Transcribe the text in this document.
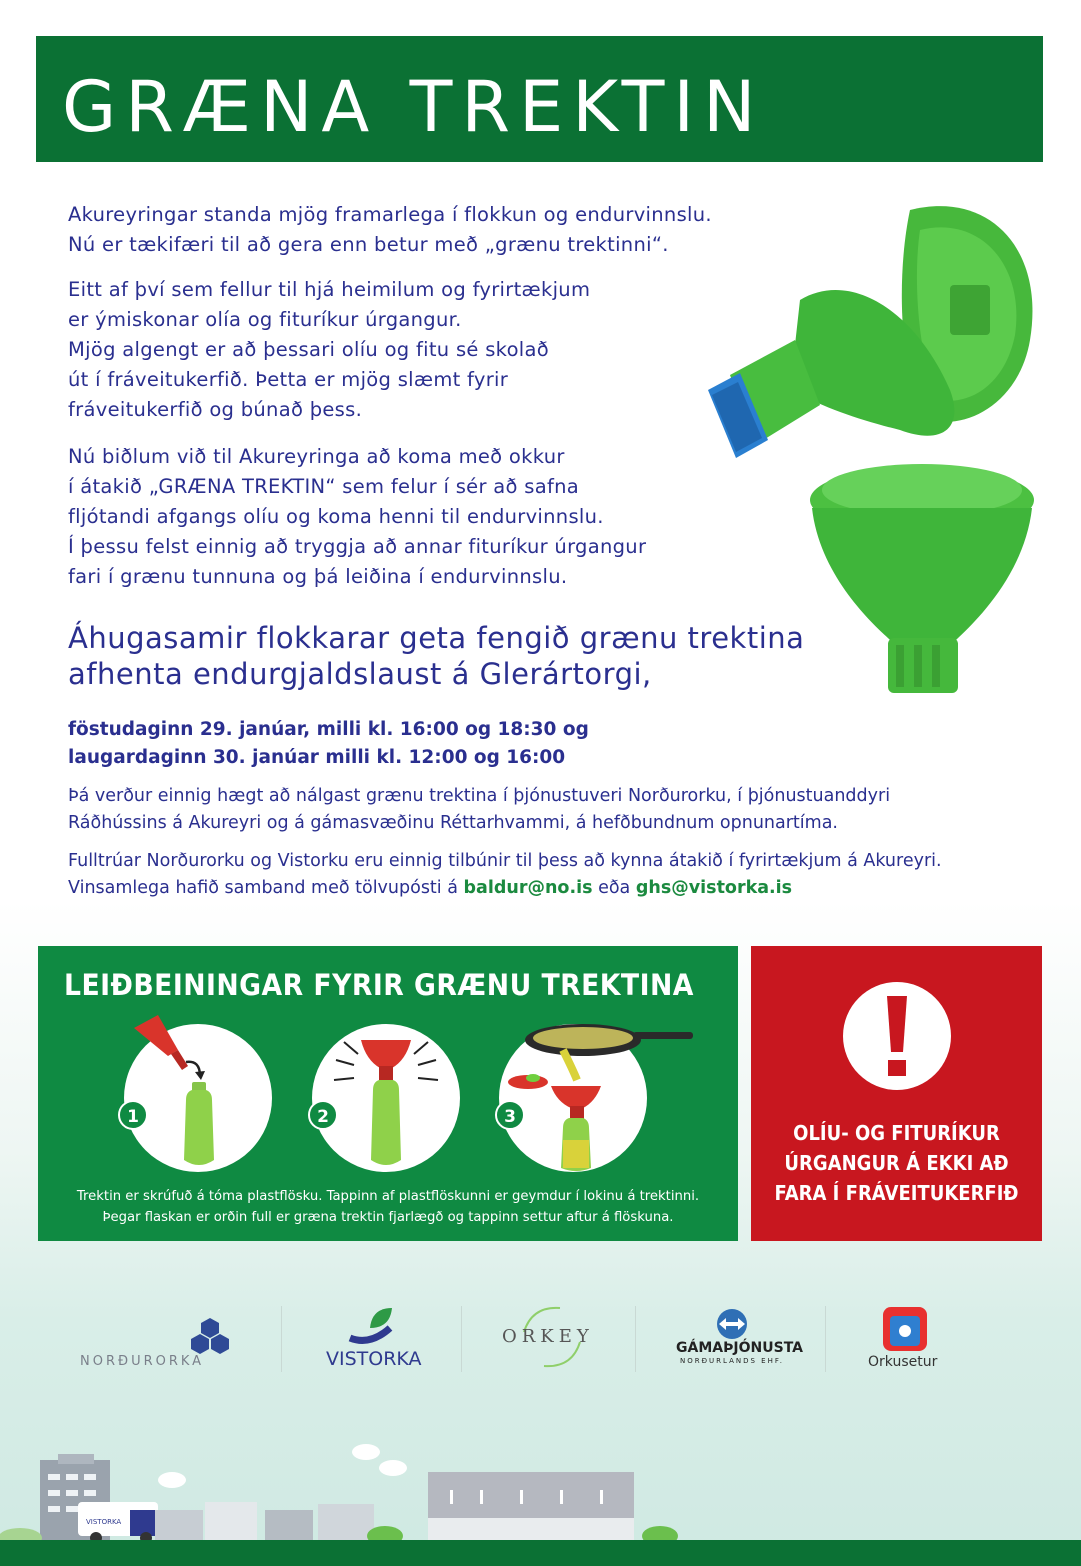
GRÆNA TREKTIN
Akureyringar standa mjög framarlega í flokkun og endurvinnslu.
Nú er tækifæri til að gera enn betur með „grænu trektinni“.
Eitt af því sem fellur til hjá heimilum og fyrirtækjum
er ýmiskonar olía og fituríkur úrgangur.
Mjög algengt er að þessari olíu og fitu sé skolað
út í fráveitukerfið. Þetta er mjög slæmt fyrir
fráveitukerfið og búnað þess.
Nú biðlum við til Akureyringa að koma með okkur
í átakið „GRÆNA TREKTIN“ sem felur í sér að safna
fljótandi afgangs olíu og koma henni til endurvinnslu.
Í þessu felst einnig að tryggja að annar fituríkur úrgangur
fari í grænu tunnuna og þá leiðina í endurvinnslu.
Áhugasamir flokkarar geta fengið grænu trektina
afhenta endurgjaldslaust á Glerártorgi,
föstudaginn 29. janúar, milli kl. 16:00 og 18:30 og
laugardaginn 30. janúar milli kl. 12:00 og 16:00
Þá verður einnig hægt að nálgast grænu trektina í þjónustuveri Norðurorku, í þjónustuanddyri
Ráðhússins á Akureyri og á gámasvæðinu Réttarhvammi, á hefðbundnum opnunartíma.
Fulltrúar Norðurorku og Vistorku eru einnig tilbúnir til þess að kynna átakið í fyrirtækjum á Akureyri.
Vinsamlega hafið samband með tölvupósti á baldur@no.is eða ghs@vistorka.is
LEIÐBEININGAR FYRIR GRÆNU TREKTINA
1	2	3
Trektin er skrúfuð á tóma plastflösku. Tappinn af plastflöskunni er geymdur í lokinu á trektinni.
Þegar flaskan er orðin full er græna trektin fjarlægð og tappinn settur aftur á flöskuna.
OLÍU- OG FITURÍKUR
ÚRGANGUR Á EKKI AÐ
FARA Í FRÁVEITUKERFIÐ
NORÐURORKA	VISTORKA
ORKEY
GÁMAÞJÓNUSTA
NORÐURLANDS EHF.	Orkusetur
VISTORKA
